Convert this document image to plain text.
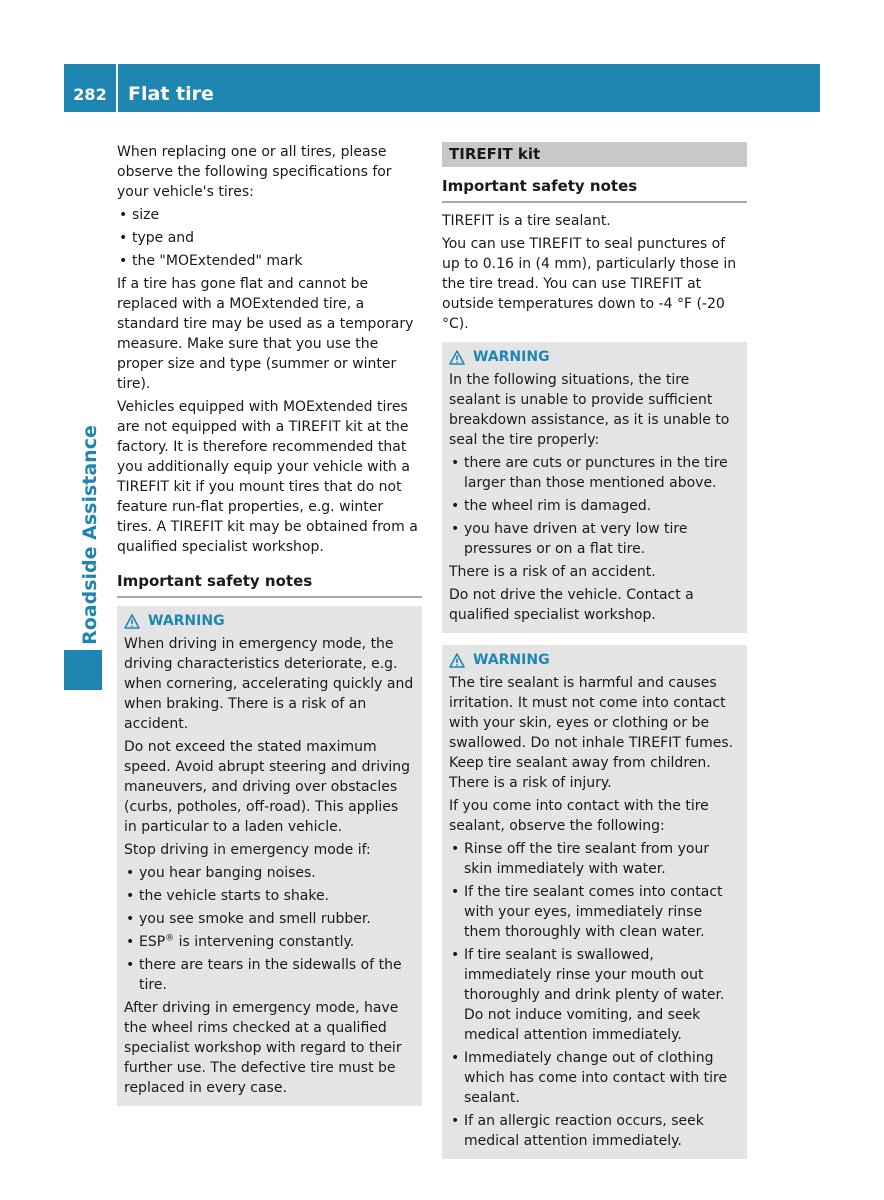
282	Flat tire
Roadside Assistance

When replacing one or all tires, please observe the following specifications for your vehicle's tires:

• size
• type and
• the "MOExtended" mark

If a tire has gone flat and cannot be replaced with a MOExtended tire, a standard tire may be used as a temporary measure. Make sure that you use the proper size and type (summer or winter tire).

Vehicles equipped with MOExtended tires are not equipped with a TIREFIT kit at the factory. It is therefore recommended that you additionally equip your vehicle with a TIREFIT kit if you mount tires that do not feature run-flat properties, e.g. winter tires. A TIREFIT kit may be obtained from a qualified specialist workshop.

Important safety notes
WARNING

When driving in emergency mode, the driving characteristics deteriorate, e.g. when cornering, accelerating quickly and when braking. There is a risk of an accident.

Do not exceed the stated maximum speed. Avoid abrupt steering and driving maneuvers, and driving over obstacles (curbs, potholes, off-road). This applies in particular to a laden vehicle.

Stop driving in emergency mode if:

• you hear banging noises.
• the vehicle starts to shake.
• you see smoke and smell rubber.
• ESP® is intervening constantly.
• there are tears in the sidewalls of the tire.

After driving in emergency mode, have the wheel rims checked at a qualified specialist workshop with regard to their further use. The defective tire must be replaced in every case.

TIREFIT kit
Important safety notes

TIREFIT is a tire sealant.

You can use TIREFIT to seal punctures of up to 0.16 in (4 mm), particularly those in the tire tread. You can use TIREFIT at outside temperatures down to -4 °F (-20 °C).

WARNING

In the following situations, the tire sealant is unable to provide sufficient breakdown assistance, as it is unable to seal the tire properly:

• there are cuts or punctures in the tire larger than those mentioned above.
• the wheel rim is damaged.
• you have driven at very low tire pressures or on a flat tire.

There is a risk of an accident.

Do not drive the vehicle. Contact a qualified specialist workshop.

WARNING

The tire sealant is harmful and causes irritation. It must not come into contact with your skin, eyes or clothing or be swallowed. Do not inhale TIREFIT fumes. Keep tire sealant away from children. There is a risk of injury.

If you come into contact with the tire sealant, observe the following:

• Rinse off the tire sealant from your skin immediately with water.
• If the tire sealant comes into contact with your eyes, immediately rinse them thoroughly with clean water.
• If tire sealant is swallowed, immediately rinse your mouth out thoroughly and drink plenty of water. Do not induce vomiting, and seek medical attention immediately.
• Immediately change out of clothing which has come into contact with tire sealant.
• If an allergic reaction occurs, seek medical attention immediately.
